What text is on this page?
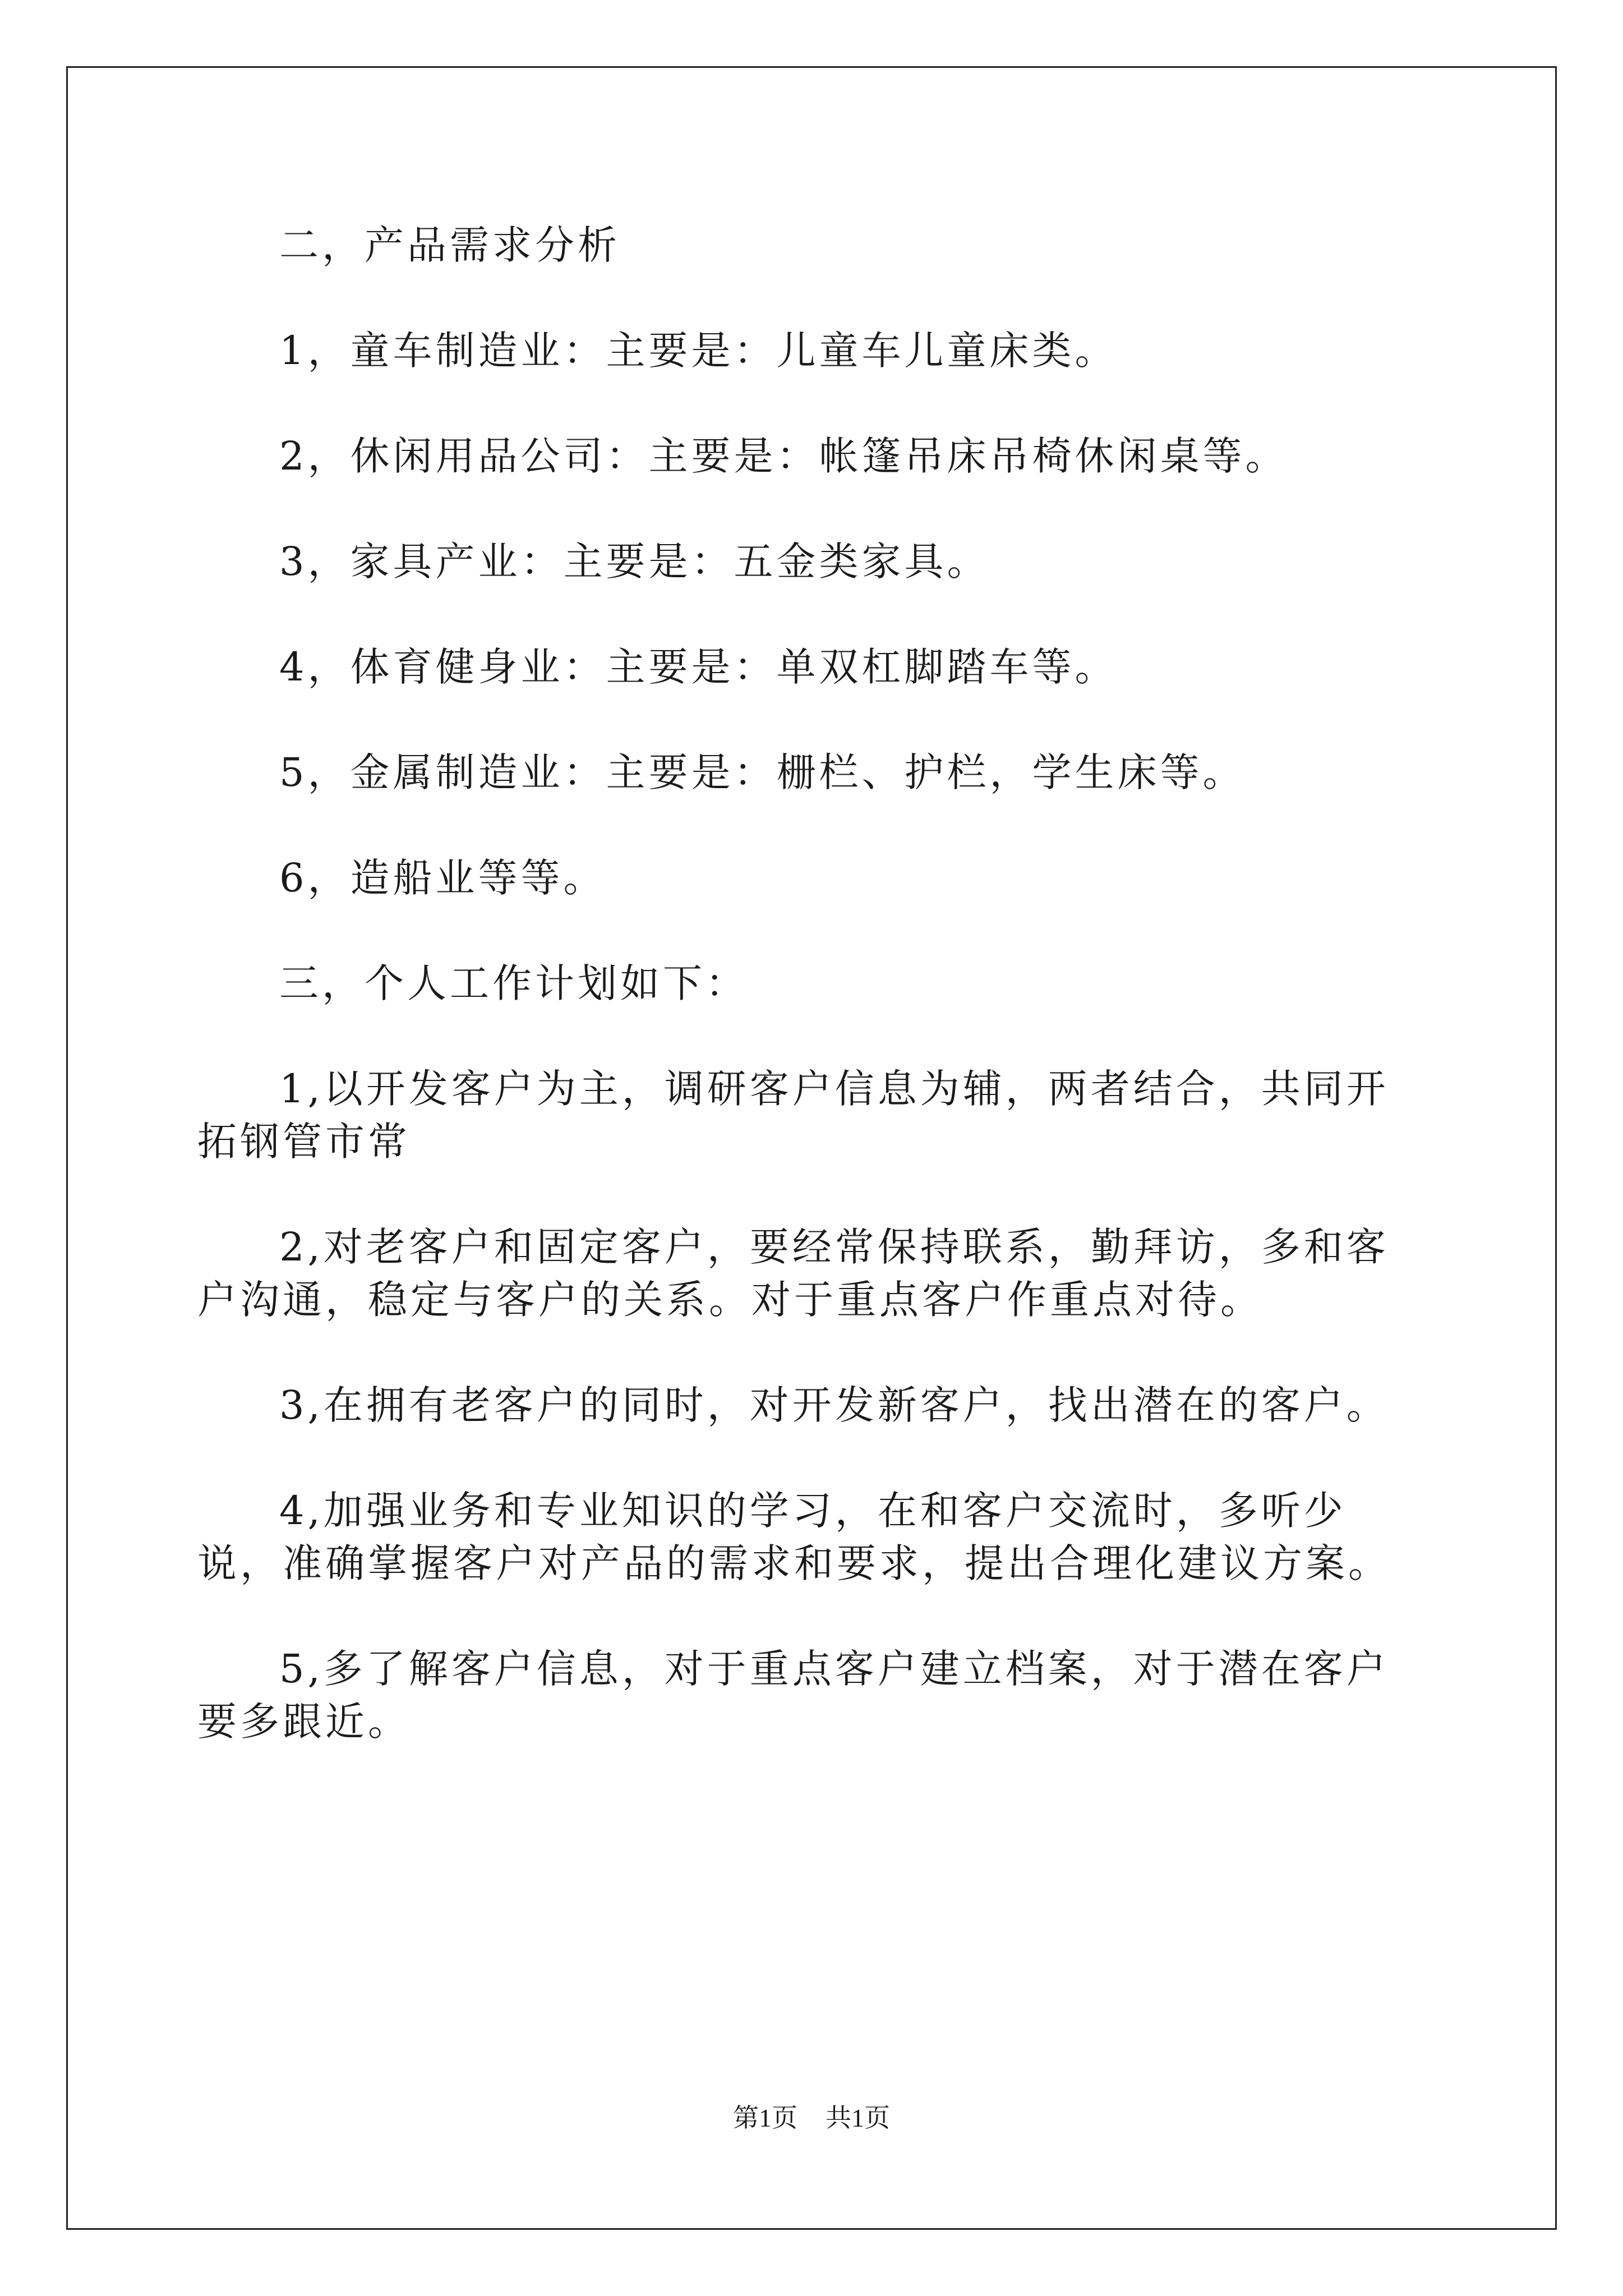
二，产品需求分析

1，童车制造业：主要是：儿童车儿童床类。

2，休闲用品公司：主要是：帐篷吊床吊椅休闲桌等。

3，家具产业：主要是：五金类家具。

4，体育健身业：主要是：单双杠脚踏车等。

5，金属制造业：主要是：栅栏、护栏，学生床等。

6，造船业等等。

三，个人工作计划如下：

1,以开发客户为主，调研客户信息为辅，两者结合，共同开拓钢管市常

2,对老客户和固定客户，要经常保持联系，勤拜访，多和客户沟通，稳定与客户的关系。对于重点客户作重点对待。

3,在拥有老客户的同时，对开发新客户，找出潜在的客户。

4,加强业务和专业知识的学习，在和客户交流时，多听少说，准确掌握客户对产品的需求和要求，提出合理化建议方案。

5,多了解客户信息，对于重点客户建立档案，对于潜在客户要多跟近。

第1页 共1页
